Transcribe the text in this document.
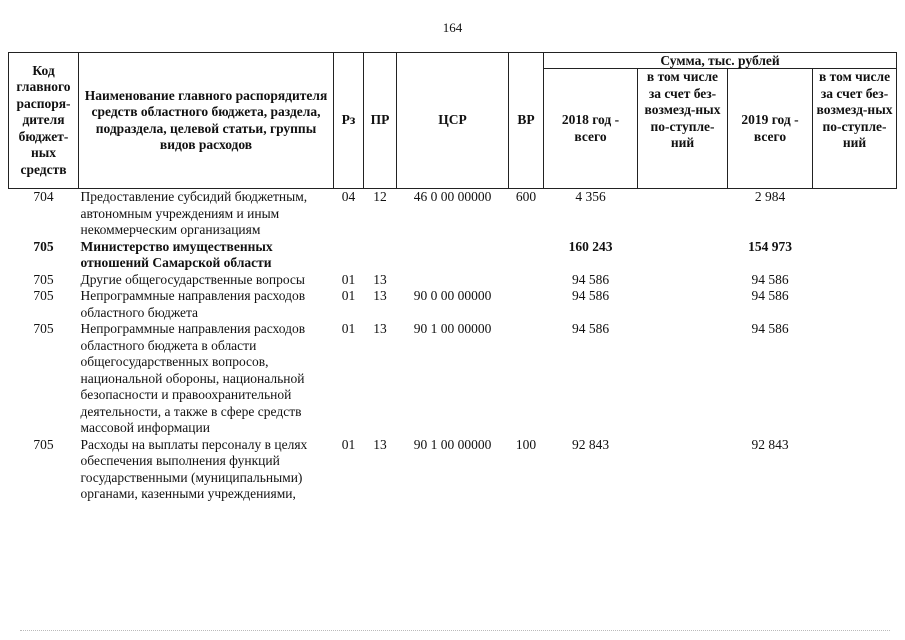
164
Код главного распоря-дителя бюджет-ных средств	Наименование главного распорядителя средств областного бюджета, раздела, подраздела, целевой статьи, группы видов расходов	Рз	ПР	ЦСР	ВР	Сумма, тыс. рублей			
						2018 год - всего	в том числе за счет без-возмезд-ных по-ступле-ний	2019 год - всего	в том числе за счет без-возмезд-ных по-ступле-ний
704	Предоставление субсидий бюджетным, автономным учреждениям и иным некоммерческим организациям	04	12	46 0 00 00000	600	4 356		2 984	
705	Министерство имущественных отношений Самарской области					160 243		154 973	
705	Другие общегосударственные вопросы	01	13			94 586		94 586	
705	Непрограммные направления расходов областного бюджета	01	13	90 0 00 00000		94 586		94 586	
705	Непрограммные направления расходов областного бюджета в области общегосударственных вопросов, национальной обороны, национальной безопасности и правоохранительной деятельности, а также в сфере средств массовой информации	01	13	90 1 00 00000		94 586		94 586	
705	Расходы на выплаты персоналу в целях обеспечения выполнения функций государственными (муниципальными) органами, казенными учреждениями,	01	13	90 1 00 00000	100	92 843		92 843	
